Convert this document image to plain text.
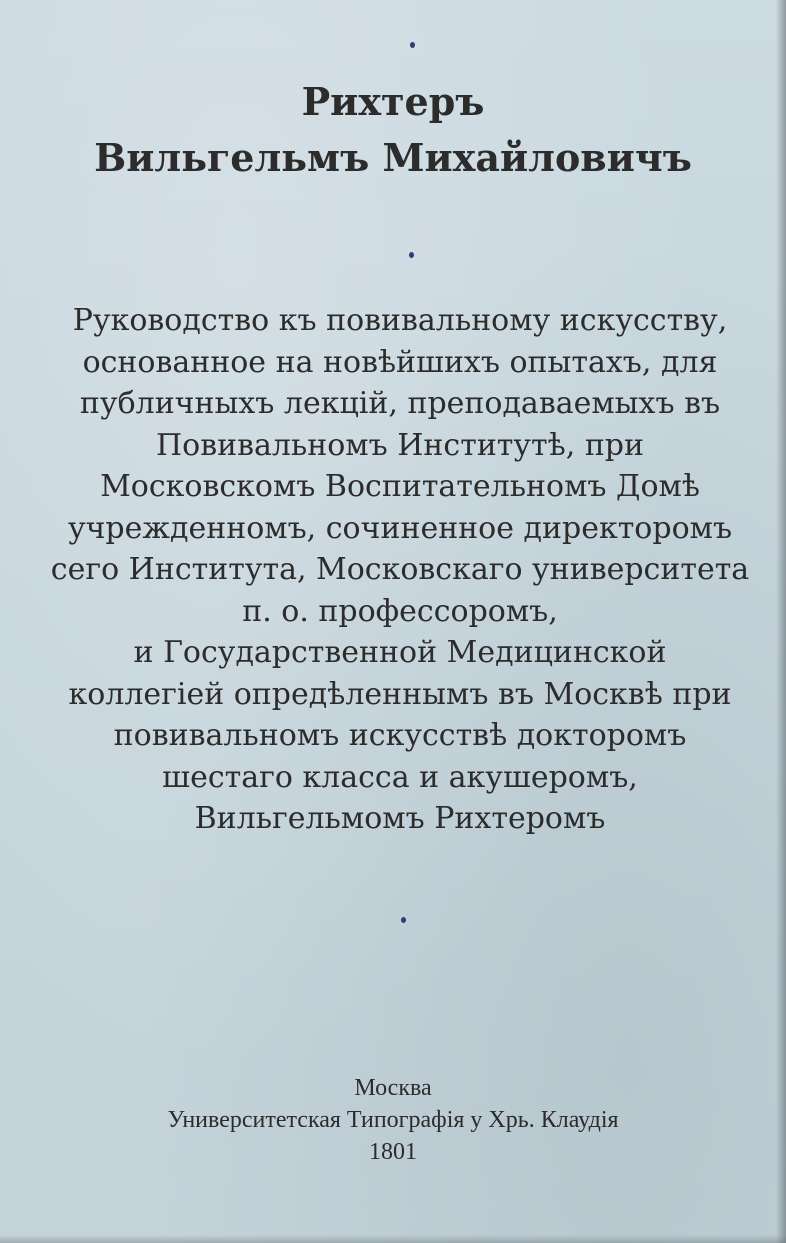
Рихтеръ
Вильгельмъ Михайловичъ
Руководство къ повивальному искусству,
основанное на новѣйшихъ опытахъ, для
публичныхъ лекцій, преподаваемыхъ въ
Повивальномъ Институтѣ, при
Московскомъ Воспитательномъ Домѣ
учрежденномъ, сочиненное директоромъ
сего Института, Московскаго университета
п. о. профессоромъ,
и Государственной Медицинской
коллегіей опредѣленнымъ въ Москвѣ при
повивальномъ искусствѣ докторомъ
шестаго класса и акушеромъ,
Вильгельмомъ Рихтеромъ
Москва
Университетская Типографія у Хрь. Клаудія
1801
